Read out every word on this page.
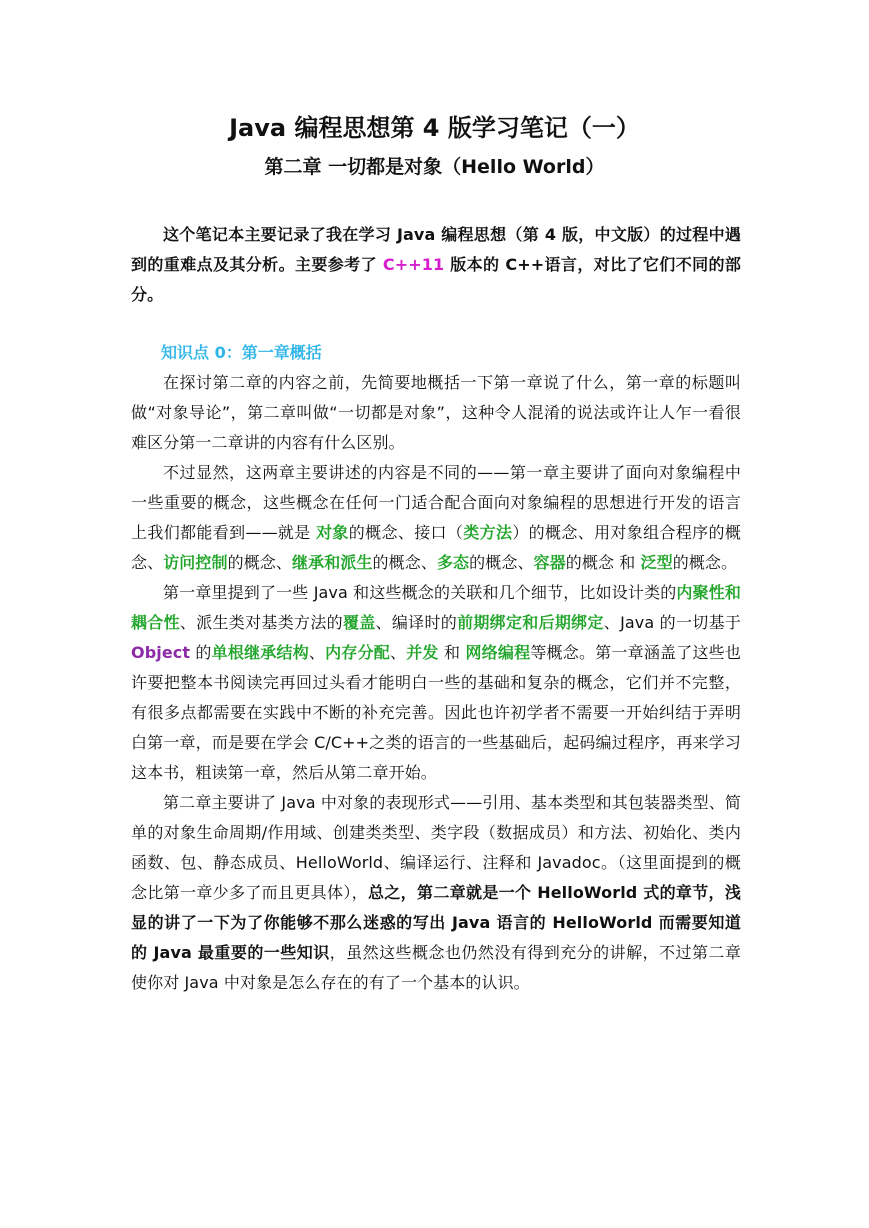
Java 编程思想第 4 版学习笔记（一）
第二章 一切都是对象（Hello World）

这个笔记本主要记录了我在学习 Java 编程思想（第 4 版，中文版）的过程中遇到的重难点及其分析。主要参考了 C++11 版本的 C++语言，对比了它们不同的部分。

知识点 0：第一章概括

在探讨第二章的内容之前，先简要地概括一下第一章说了什么，第一章的标题叫做“对象导论”，第二章叫做“一切都是对象”，这种令人混淆的说法或许让人乍一看很难区分第一二章讲的内容有什么区别。

不过显然，这两章主要讲述的内容是不同的——第一章主要讲了面向对象编程中一些重要的概念，这些概念在任何一门适合配合面向对象编程的思想进行开发的语言上我们都能看到——就是 对象的概念、接口（类方法）的概念、用对象组合程序的概念、访问控制的概念、继承和派生的概念、多态的概念、容器的概念 和 泛型的概念。

第一章里提到了一些 Java 和这些概念的关联和几个细节，比如设计类的内聚性和耦合性、派生类对基类方法的覆盖、编译时的前期绑定和后期绑定、Java 的一切基于 Object 的单根继承结构、内存分配、并发 和 网络编程等概念。第一章涵盖了这些也许要把整本书阅读完再回过头看才能明白一些的基础和复杂的概念，它们并不完整，有很多点都需要在实践中不断的补充完善。因此也许初学者不需要一开始纠结于弄明白第一章，而是要在学会 C/C++之类的语言的一些基础后，起码编过程序，再来学习这本书，粗读第一章，然后从第二章开始。

第二章主要讲了 Java 中对象的表现形式——引用、基本类型和其包装器类型、简单的对象生命周期/作用域、创建类类型、类字段（数据成员）和方法、初始化、类内函数、包、静态成员、HelloWorld、编译运行、注释和 Javadoc。（这里面提到的概念比第一章少多了而且更具体），总之，第二章就是一个 HelloWorld 式的章节，浅显的讲了一下为了你能够不那么迷惑的写出 Java 语言的 HelloWorld 而需要知道的 Java 最重要的一些知识，虽然这些概念也仍然没有得到充分的讲解，不过第二章使你对 Java 中对象是怎么存在的有了一个基本的认识。
